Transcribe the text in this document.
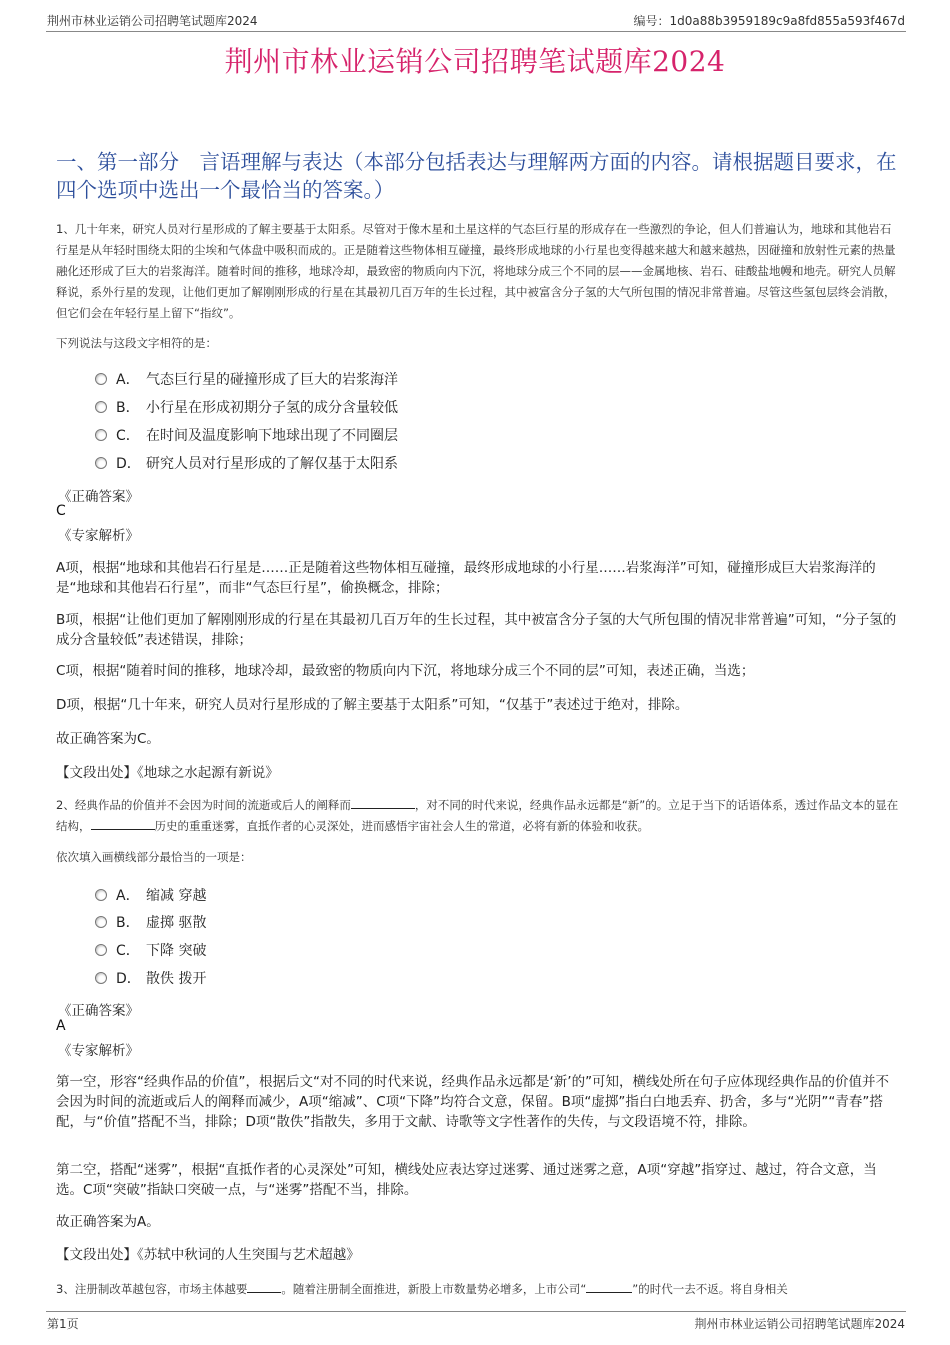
荆州市林业运销公司招聘笔试题库2024	编号：1d0a88b3959189c9a8fd855a593f467d
荆州市林业运销公司招聘笔试题库2024
一、第一部分　言语理解与表达（本部分包括表达与理解两方面的内容。请根据题目要求，在四个选项中选出一个最恰当的答案。）
1、几十年来，研究人员对行星形成的了解主要基于太阳系。尽管对于像木星和土星这样的气态巨行星的形成存在一些激烈的争论，但人们普遍认为，地球和其他岩石行星是从年轻时围绕太阳的尘埃和气体盘中吸积而成的。正是随着这些物体相互碰撞，最终形成地球的小行星也变得越来越大和越来越热，因碰撞和放射性元素的热量融化还形成了巨大的岩浆海洋。随着时间的推移，地球冷却，最致密的物质向内下沉，将地球分成三个不同的层——金属地核、岩石、硅酸盐地幔和地壳。研究人员解释说，系外行星的发现，让他们更加了解刚刚形成的行星在其最初几百万年的生长过程，其中被富含分子氢的大气所包围的情况非常普遍。尽管这些氢包层终会消散，但它们会在年轻行星上留下“指纹”。
下列说法与这段文字相符的是：
A． 气态巨行星的碰撞形成了巨大的岩浆海洋
B． 小行星在形成初期分子氢的成分含量较低
C． 在时间及温度影响下地球出现了不同圈层
D． 研究人员对行星形成的了解仅基于太阳系
《正确答案》
C
《专家解析》
A项，根据“地球和其他岩石行星是……正是随着这些物体相互碰撞，最终形成地球的小行星……岩浆海洋”可知，碰撞形成巨大岩浆海洋的是“地球和其他岩石行星”，而非“气态巨行星”，偷换概念，排除；
B项，根据“让他们更加了解刚刚形成的行星在其最初几百万年的生长过程，其中被富含分子氢的大气所包围的情况非常普遍”可知，“分子氢的成分含量较低”表述错误，排除；
C项，根据“随着时间的推移，地球冷却，最致密的物质向内下沉，将地球分成三个不同的层”可知，表述正确，当选；
D项，根据“几十年来，研究人员对行星形成的了解主要基于太阳系”可知，“仅基于”表述过于绝对，排除。
故正确答案为C。
【文段出处】《地球之水起源有新说》
2、经典作品的价值并不会因为时间的流逝或后人的阐释而	，对不同的时代来说，经典作品永远都是“新”的。立足于当下的话语体系，透过作品文本的显在结构，	历史的重重迷雾，直抵作者的心灵深处，进而感悟宇宙社会人生的常道，必将有新的体验和收获。
依次填入画横线部分最恰当的一项是：
A． 缩减 穿越
B． 虚掷 驱散
C． 下降 突破
D． 散佚 拨开
《正确答案》
A
《专家解析》
第一空，形容“经典作品的价值”，根据后文“对不同的时代来说，经典作品永远都是‘新’的”可知，横线处所在句子应体现经典作品的价值并不会因为时间的流逝或后人的阐释而减少，A项“缩减”、C项“下降”均符合文意，保留。B项“虚掷”指白白地丢弃、扔舍，多与“光阴”“青春”搭配，与“价值”搭配不当，排除；D项“散佚”指散失，多用于文献、诗歌等文字性著作的失传，与文段语境不符，排除。
第二空，搭配“迷雾”，根据“直抵作者的心灵深处”可知，横线处应表达穿过迷雾、通过迷雾之意，A项“穿越”指穿过、越过，符合文意，当选。C项“突破”指缺口突破一点，与“迷雾”搭配不当，排除。
故正确答案为A。
【文段出处】《苏轼中秋词的人生突围与艺术超越》
3、注册制改革越包容，市场主体越要	。随着注册制全面推进，新股上市数量势必增多，上市公司“	”的时代一去不返。将自身相关
第1页	荆州市林业运销公司招聘笔试题库2024
